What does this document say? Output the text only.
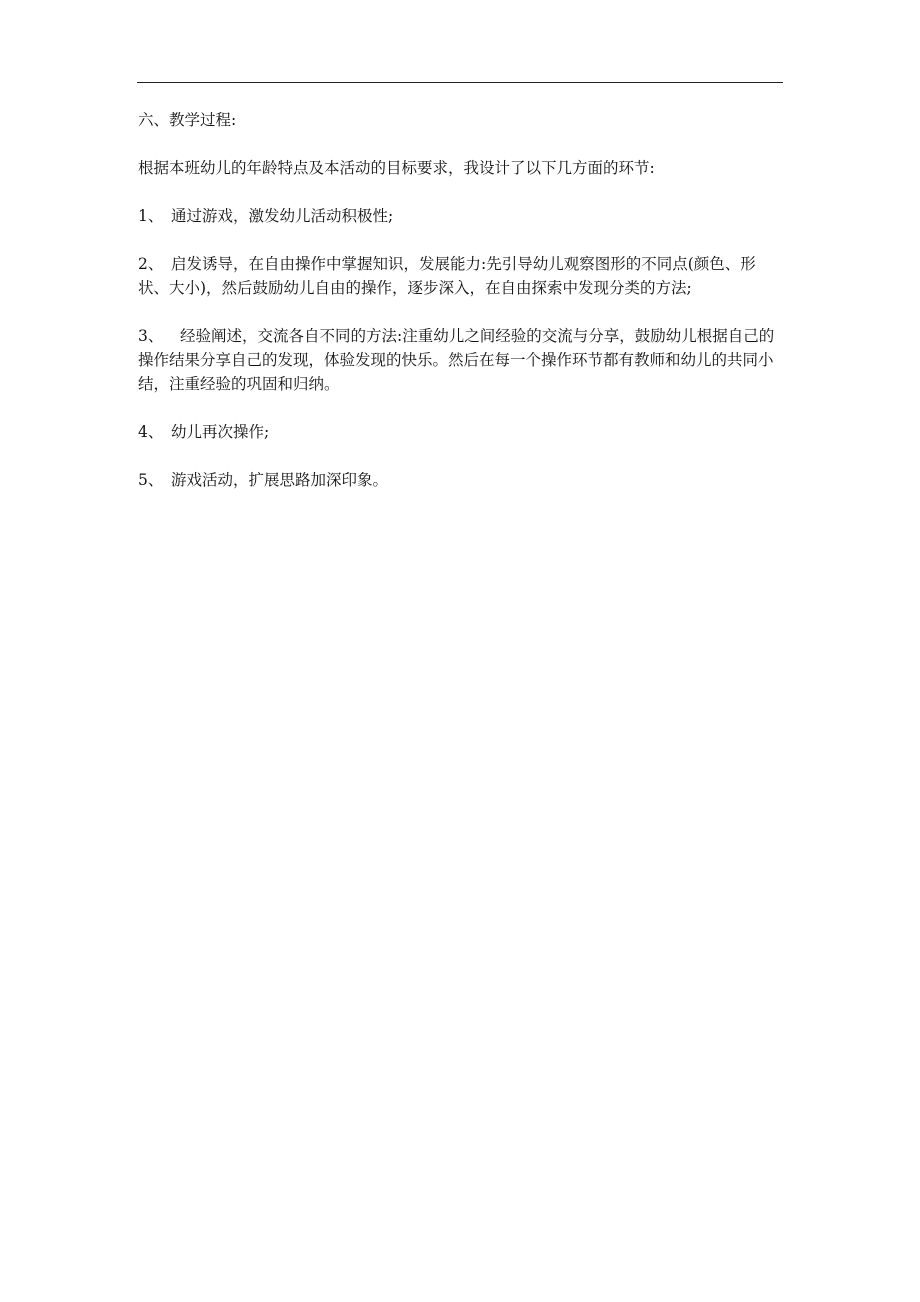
六、教学过程:

根据本班幼儿的年龄特点及本活动的目标要求，我设计了以下几方面的环节:

1、 通过游戏，激发幼儿活动积极性;

2、 启发诱导，在自由操作中掌握知识，发展能力:先引导幼儿观察图形的不同点(颜色、形状、大小)，然后鼓励幼儿自由的操作，逐步深入，在自由探索中发现分类的方法;

3、 经验阐述，交流各自不同的方法:注重幼儿之间经验的交流与分享，鼓励幼儿根据自己的操作结果分享自己的发现，体验发现的快乐。然后在每一个操作环节都有教师和幼儿的共同小结，注重经验的巩固和归纳。

4、 幼儿再次操作;

5、 游戏活动，扩展思路加深印象。
